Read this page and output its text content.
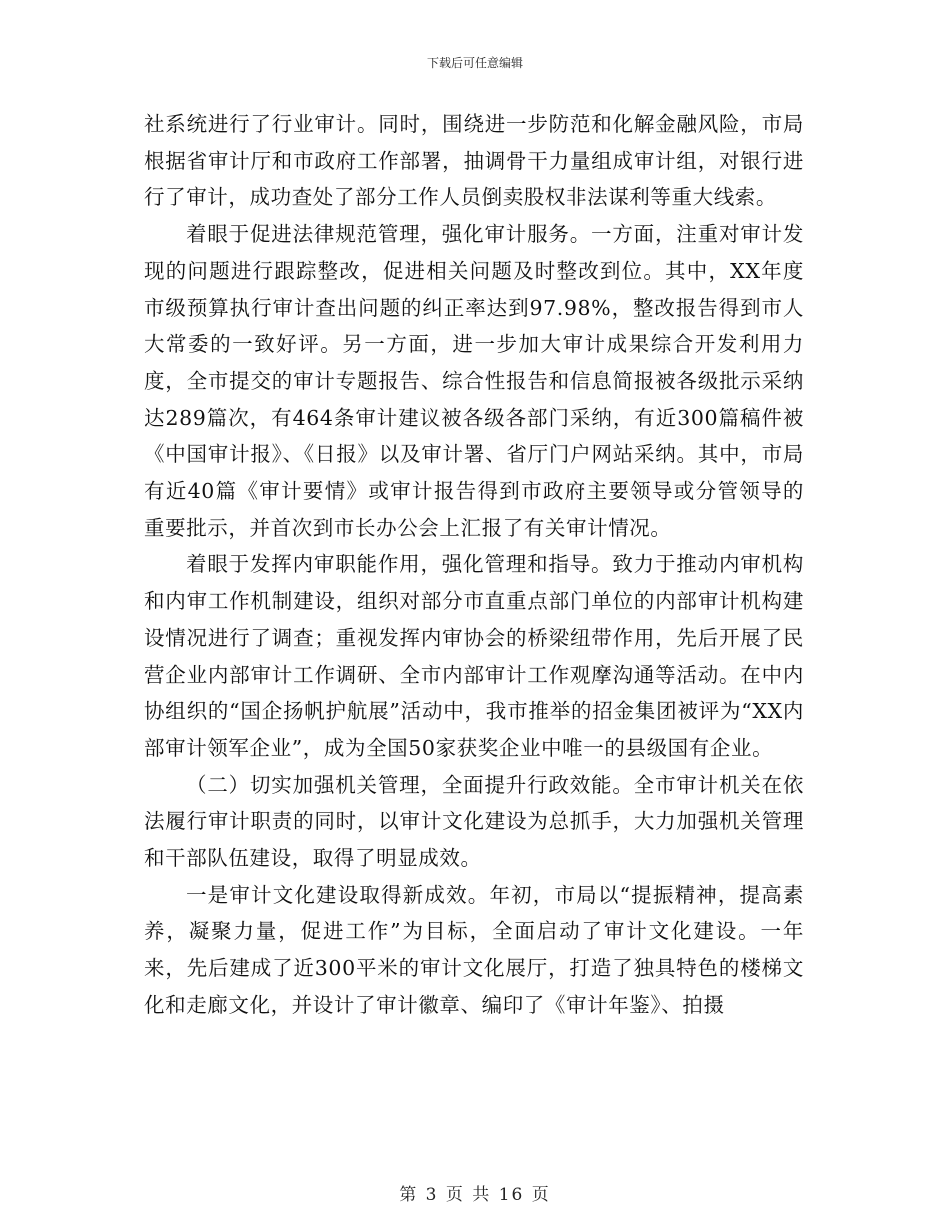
下载后可任意编辑

社系统进行了行业审计。同时，围绕进一步防范和化解金融风险，市局根据省审计厅和市政府工作部署，抽调骨干力量组成审计组，对银行进行了审计，成功查处了部分工作人员倒卖股权非法谋利等重大线索。

着眼于促进法律规范管理，强化审计服务。一方面，注重对审计发现的问题进行跟踪整改，促进相关问题及时整改到位。其中，XX年度市级预算执行审计查出问题的纠正率达到97.98%，整改报告得到市人大常委的一致好评。另一方面，进一步加大审计成果综合开发利用力度，全市提交的审计专题报告、综合性报告和信息简报被各级批示采纳达289篇次，有464条审计建议被各级各部门采纳，有近300篇稿件被《中国审计报》、《日报》以及审计署、省厅门户网站采纳。其中，市局有近40篇《审计要情》或审计报告得到市政府主要领导或分管领导的重要批示，并首次到市长办公会上汇报了有关审计情况。

着眼于发挥内审职能作用，强化管理和指导。致力于推动内审机构和内审工作机制建设，组织对部分市直重点部门单位的内部审计机构建设情况进行了调查；重视发挥内审协会的桥梁纽带作用，先后开展了民营企业内部审计工作调研、全市内部审计工作观摩沟通等活动。在中内协组织的“国企扬帆护航展”活动中，我市推举的招金集团被评为“XX内部审计领军企业”，成为全国50家获奖企业中唯一的县级国有企业。

（二）切实加强机关管理，全面提升行政效能。全市审计机关在依法履行审计职责的同时，以审计文化建设为总抓手，大力加强机关管理和干部队伍建设，取得了明显成效。

一是审计文化建设取得新成效。年初，市局以“提振精神，提高素养，凝聚力量，促进工作”为目标，全面启动了审计文化建设。一年来，先后建成了近300平米的审计文化展厅，打造了独具特色的楼梯文化和走廊文化，并设计了审计徽章、编印了《审计年鉴》、拍摄

第 3 页 共 16 页
